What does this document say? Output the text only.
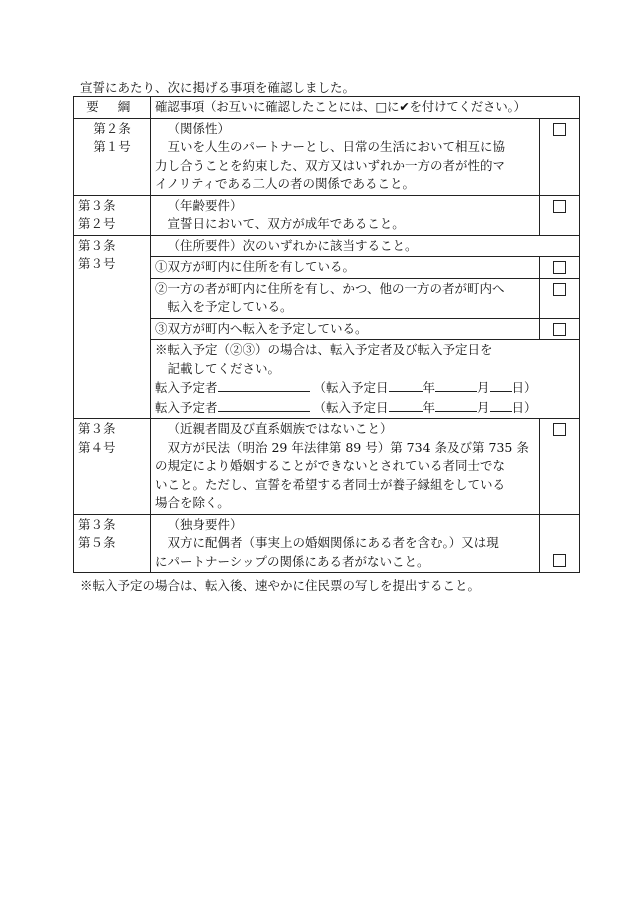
宣誓にあたり、次に掲げる事項を確認しました。
要 綱	確認事項（お互いに確認したことには、□に✔を付けてください。）	

第２条
第１号	（関係性）
互いを人生のパートナーとし、日常の生活において相互に協
力し合うことを約束した、双方又はいずれか一方の者が性的マ
イノリティである二人の者の関係であること。	

第３条
第２号	（年齢要件）
宣誓日において、双方が成年であること。	

第３条
第３号	（住所要件）次のいずれかに該当すること。	

	①双方が町内に住所を有している。	

	②一方の者が町内に住所を有し、かつ、他の一方の者が町内へ
転入を予定している。	

	③双方が町内へ転入を予定している。	

	※転入予定（②③）の場合は、転入予定者及び転入予定日を
記載してください。
転入予定者 （転入予定日 年 月 日）
転入予定者 （転入予定日 年 月 日）	

第３条
第４号	（近親者間及び直系姻族ではないこと）
双方が民法（明治 29 年法律第 89 号）第 734 条及び第 735 条
の規定により婚姻することができないとされている者同士でな
いこと。ただし、宣誓を希望する者同士が養子縁組をしている
場合を除く。	

第３条
第５条	（独身要件）
双方に配偶者（事実上の婚姻関係にある者を含む。）又は現
にパートナーシップの関係にある者がないこと。	

※転入予定の場合は、転入後、速やかに住民票の写しを提出すること。
